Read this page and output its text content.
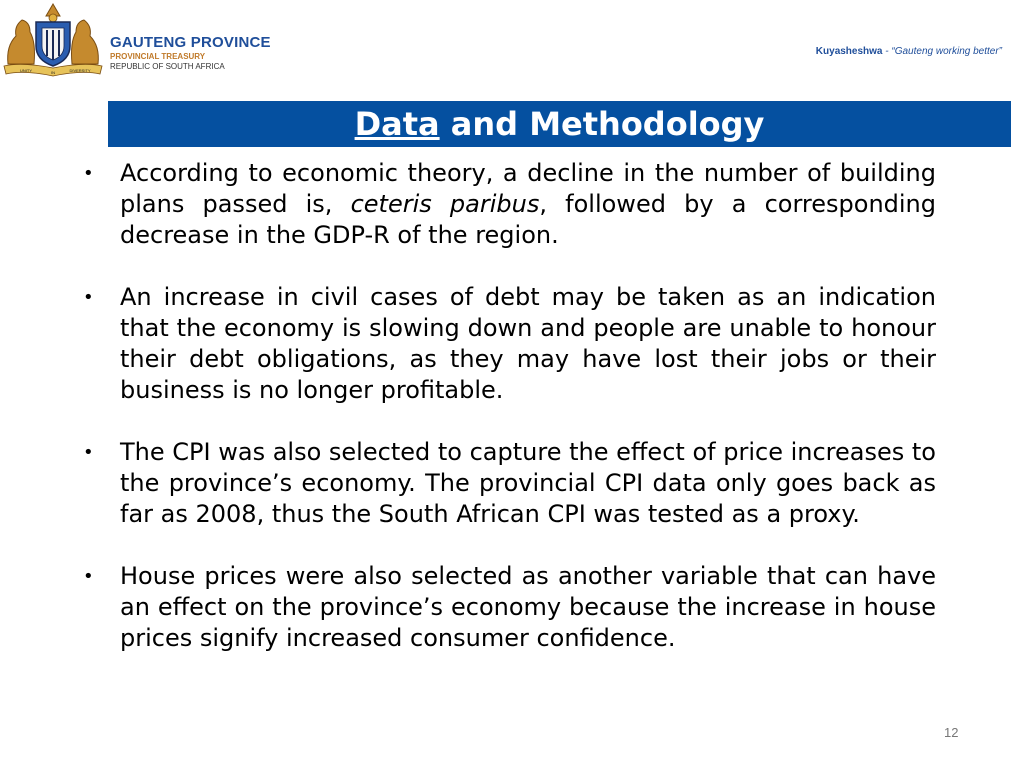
UNITY	IN	DIVERSITY
GAUTENG PROVINCE
PROVINCIAL TREASURY
REPUBLIC OF SOUTH AFRICA
Kuyasheshwa - “Gauteng working better”
Data and Methodology
• According to economic theory, a decline in the number of building plans passed is, ceteris paribus, followed by a corresponding decrease in the GDP-R of the region.
• An increase in civil cases of debt may be taken as an indication that the economy is slowing down and people are unable to honour their debt obligations, as they may have lost their jobs or their business is no longer profitable.
• The CPI was also selected to capture the effect of price increases to the province’s economy. The provincial CPI data only goes back as far as 2008, thus the South African CPI was tested as a proxy.
• House prices were also selected as another variable that can have an effect on the province’s economy because the increase in house prices signify increased consumer confidence.
12
